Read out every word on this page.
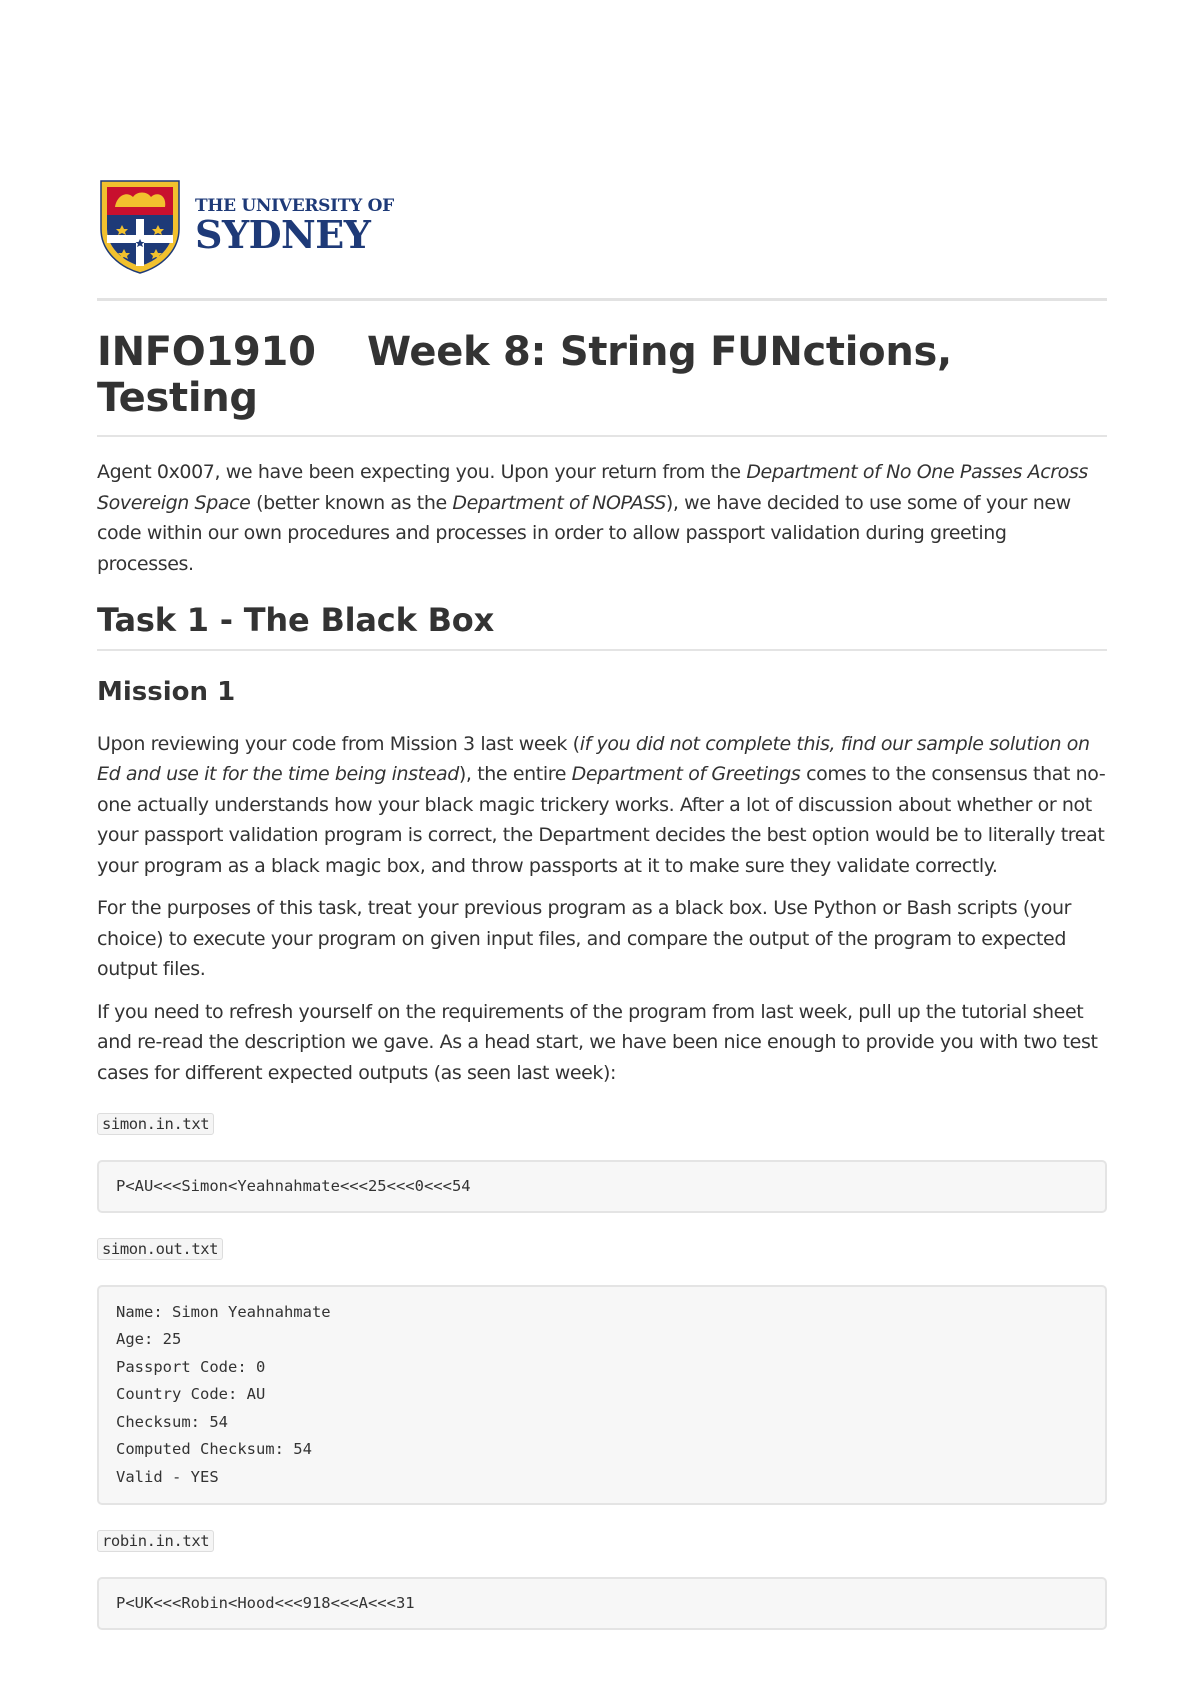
THE UNIVERSITY OF
SYDNEY
INFO1910 Week 8: String FUNctions, Testing

Agent 0x007, we have been expecting you. Upon your return from the Department of No One Passes Across Sovereign Space (better known as the Department of NOPASS), we have decided to use some of your new code within our own procedures and processes in order to allow passport validation during greeting processes.

Task 1 - The Black Box
Mission 1

Upon reviewing your code from Mission 3 last week (if you did not complete this, find our sample solution on Ed and use it for the time being instead), the entire Department of Greetings comes to the consensus that no-one actually understands how your black magic trickery works. After a lot of discussion about whether or not your passport validation program is correct, the Department decides the best option would be to literally treat your program as a black magic box, and throw passports at it to make sure they validate correctly.

For the purposes of this task, treat your previous program as a black box. Use Python or Bash scripts (your choice) to execute your program on given input files, and compare the output of the program to expected output files.

If you need to refresh yourself on the requirements of the program from last week, pull up the tutorial sheet and re-read the description we gave. As a head start, we have been nice enough to provide you with two test cases for different expected outputs (as seen last week):

simon.in.txt

P<AU<<<Simon<Yeahnahmate<<<25<<<0<<<54

simon.out.txt

Name: Simon Yeahnahmate
Age: 25
Passport Code: 0
Country Code: AU
Checksum: 54
Computed Checksum: 54
Valid - YES

robin.in.txt

P<UK<<<Robin<Hood<<<918<<<A<<<31
